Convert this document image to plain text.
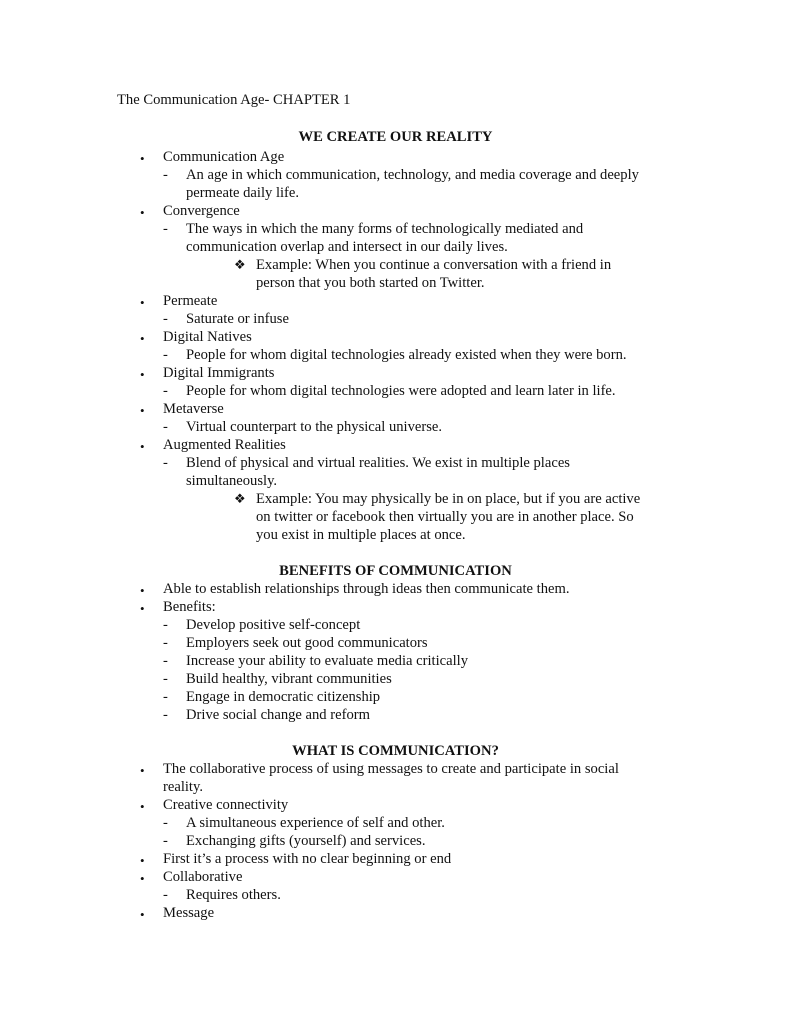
The Communication Age- CHAPTER 1
WE CREATE OUR REALITY
•	Communication Age
- An age in which communication, technology, and media coverage and deeply
permeate daily life.
•	Convergence
- The ways in which the many forms of technologically mediated and
communication overlap and intersect in our daily lives.
❖ Example: When you continue a conversation with a friend in
person that you both started on Twitter.
•	Permeate
- Saturate or infuse
•	Digital Natives
- People for whom digital technologies already existed when they were born.
•	Digital Immigrants
- People for whom digital technologies were adopted and learn later in life.
•	Metaverse
- Virtual counterpart to the physical universe.
•	Augmented Realities
- Blend of physical and virtual realities. We exist in multiple places
simultaneously.
❖ Example: You may physically be in on place, but if you are active
on twitter or facebook then virtually you are in another place. So
you exist in multiple places at once.
BENEFITS OF COMMUNICATION
•	Able to establish relationships through ideas then communicate them.
•	Benefits:
- Develop positive self-concept
- Employers seek out good communicators
- Increase your ability to evaluate media critically
- Build healthy, vibrant communities
- Engage in democratic citizenship
- Drive social change and reform
WHAT IS COMMUNICATION?
•	The collaborative process of using messages to create and participate in social
reality.
•	Creative connectivity
- A simultaneous experience of self and other.
- Exchanging gifts (yourself) and services.
•	First it’s a process with no clear beginning or end
•	Collaborative
- Requires others.
•	Message
